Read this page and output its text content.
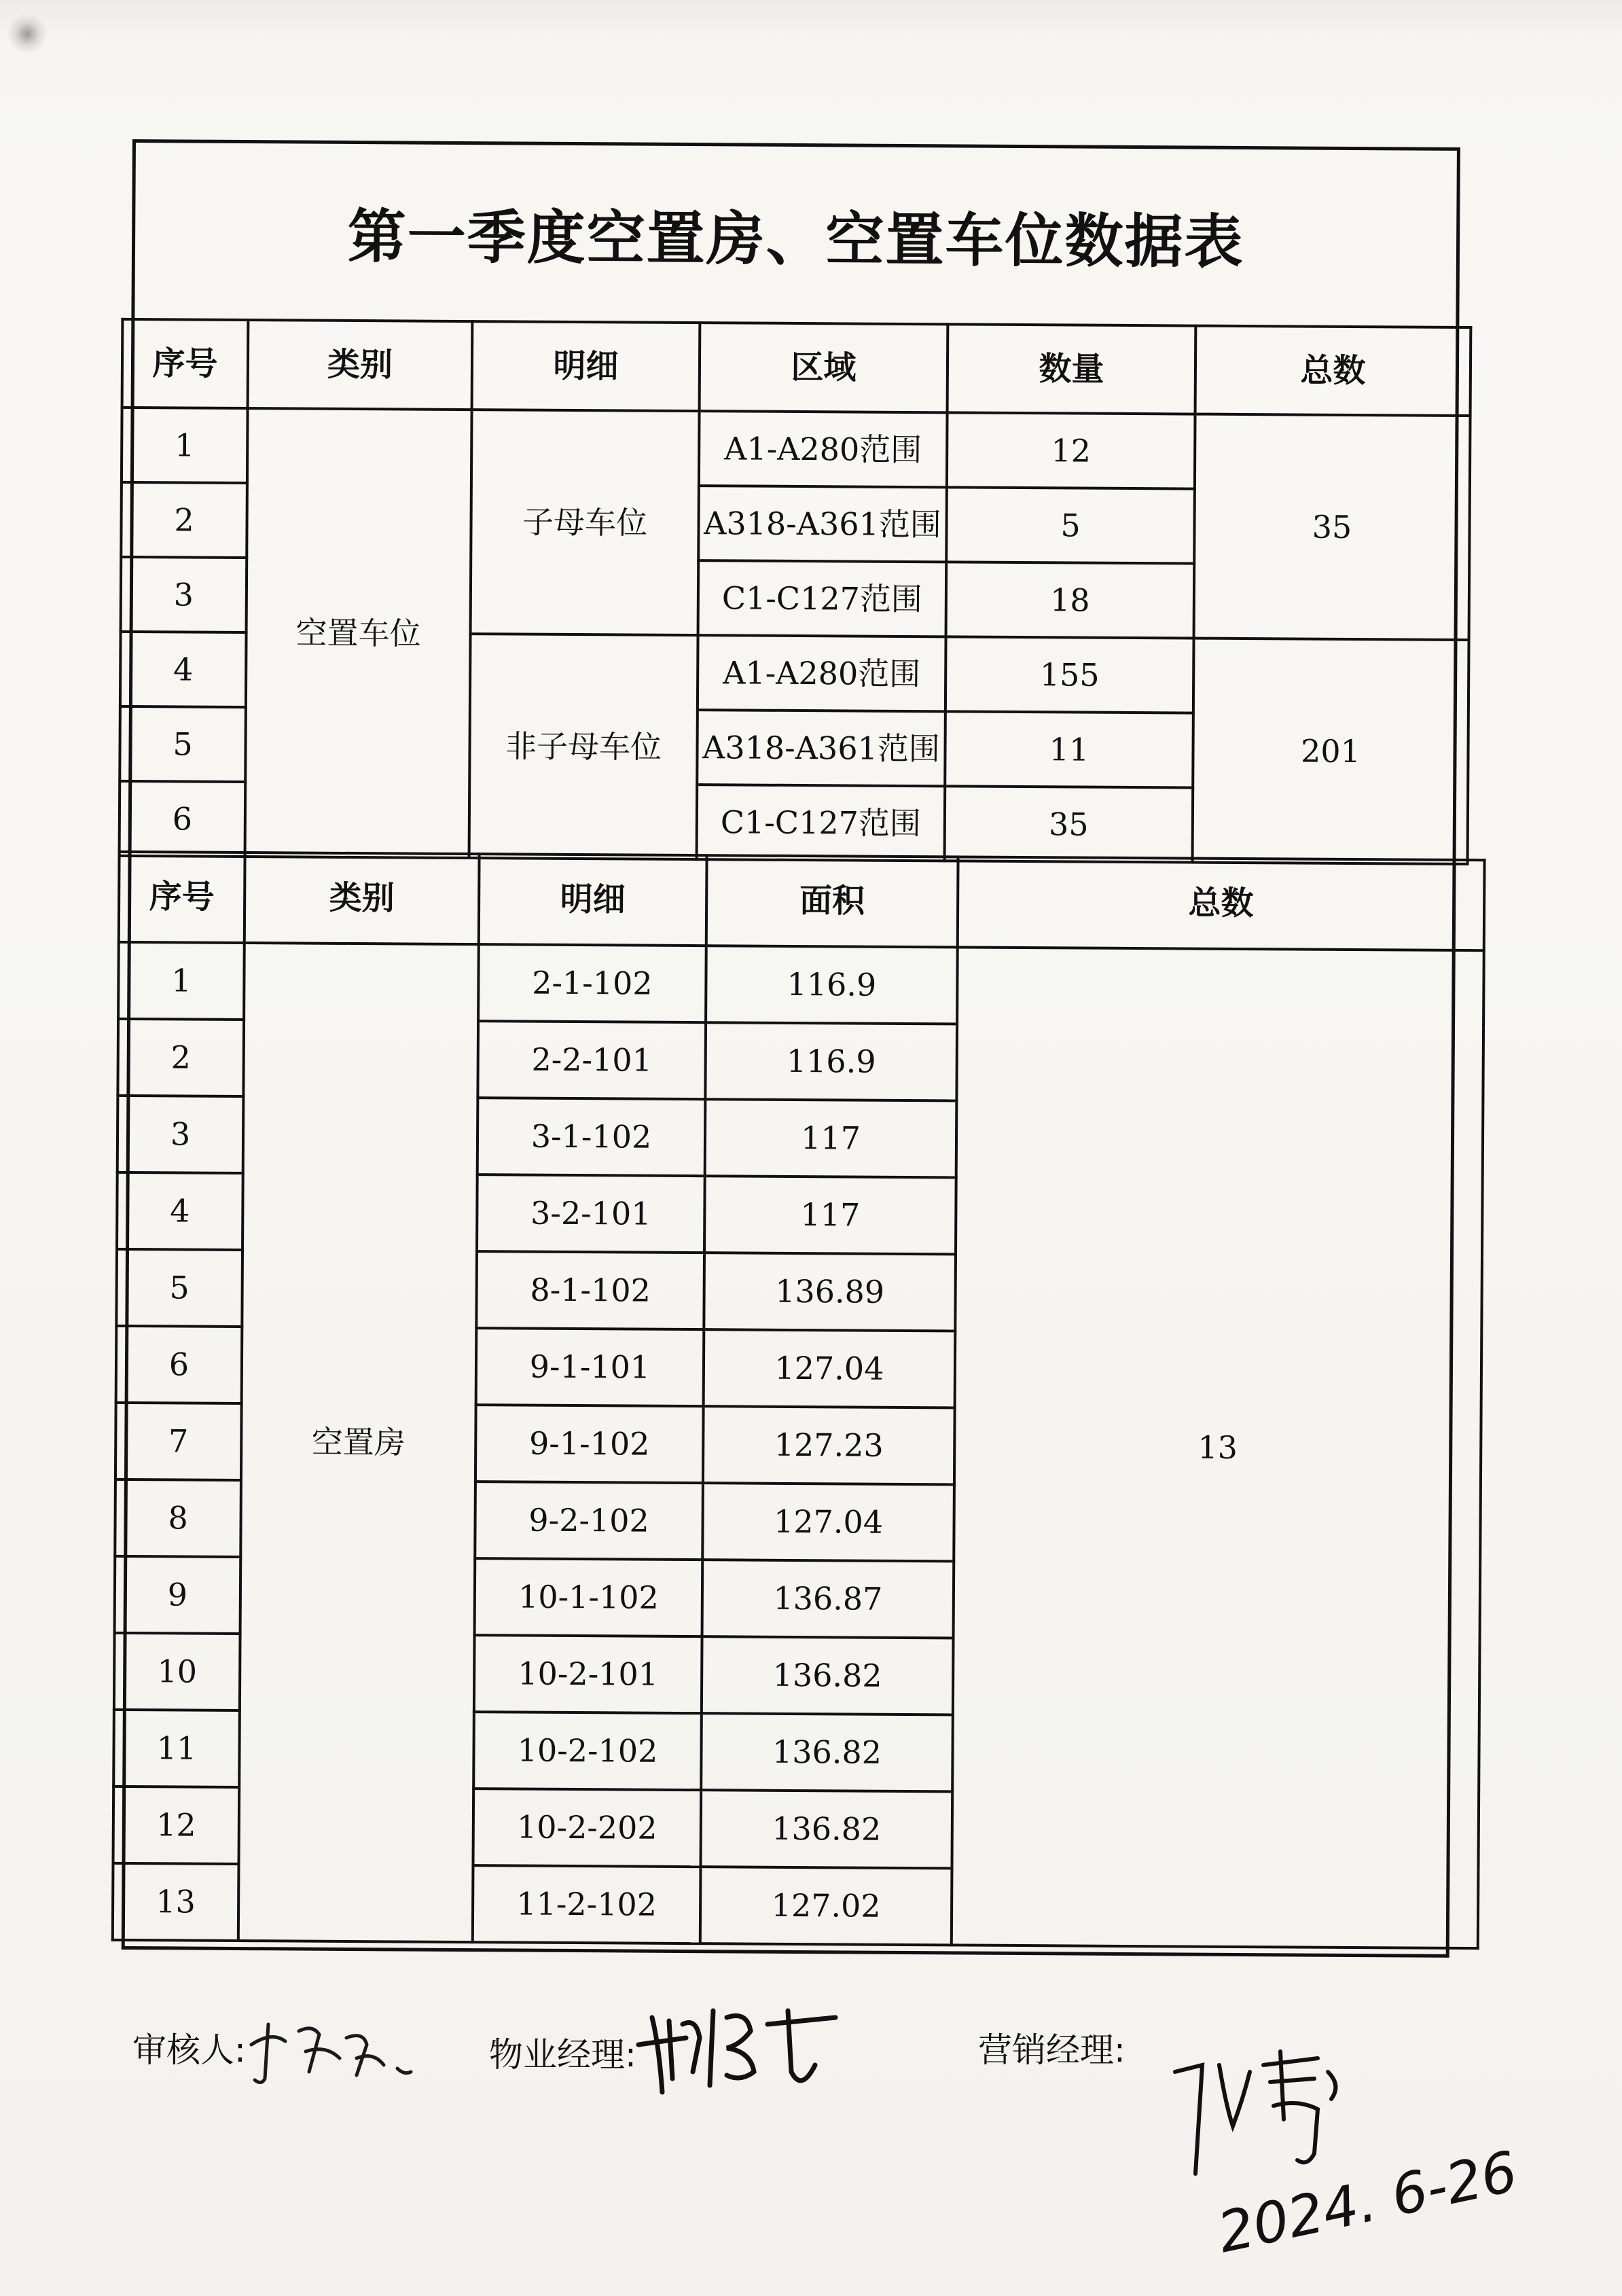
第一季度空置房、空置车位数据表
序号	类别	明细	区域	数量	总数
1	空置车位	子母车位	A1-A280范围	12	35
2			A318-A361范围	5	
3			C1-C127范围	18	
4		非子母车位	A1-A280范围	155	201
5			A318-A361范围	11	
6			C1-C127范围	35	
序号	类别	明细	面积	总数
1	空置房	2-1-102	116.9	13
2		2-2-101	116.9	
3		3-1-102	117	
4		3-2-101	117	
5		8-1-102	136.89	
6		9-1-101	127.04	
7		9-1-102	127.23	
8		9-2-102	127.04	
9		10-1-102	136.87	
10		10-2-101	136.82	
11		10-2-102	136.82	
12		10-2-202	136.82	
13		11-2-102	127.02	
审核人:	物业经理:	营销经理:
2024. 6-26
